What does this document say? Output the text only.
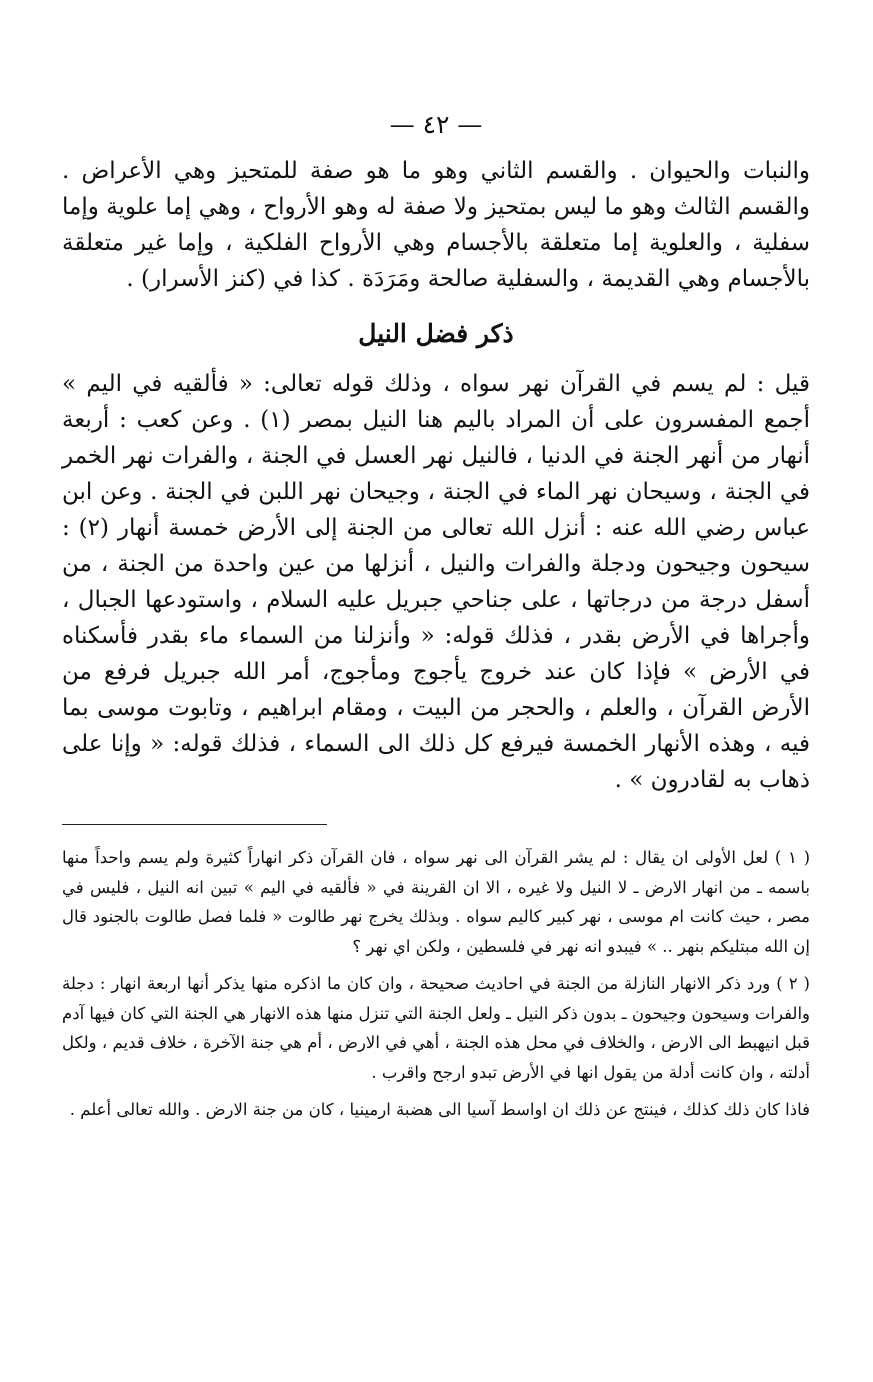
— ٤٢ —

والنبات والحيوان . والقسم الثاني وهو ما هو صفة للمتحيز وهي الأعراض . والقسم الثالث وهو ما ليس بمتحيز ولا صفة له وهو الأرواح ، وهي إما علوية وإما سفلية ، والعلوية إما متعلقة بالأجسام وهي الأرواح الفلكية ، وإما غير متعلقة بالأجسام وهي القديمة ، والسفلية صالحة ومَرَدَة . كذا في (كنز الأسرار) .

ذكر فضل النيل

قيل : لم يسم في القرآن نهر سواه ، وذلك قوله تعالى: « فألقيه في اليم » أجمع المفسرون على أن المراد باليم هنا النيل بمصر (١) . وعن كعب : أربعة أنهار من أنهر الجنة في الدنيا ، فالنيل نهر العسل في الجنة ، والفرات نهر الخمر في الجنة ، وسيحان نهر الماء في الجنة ، وجيحان نهر اللبن في الجنة . وعن ابن عباس رضي الله عنه : أنزل الله تعالى من الجنة إلى الأرض خمسة أنهار (٢) : سيحون وجيحون ودجلة والفرات والنيل ، أنزلها من عين واحدة من الجنة ، من أسفل درجة من درجاتها ، على جناحي جبريل عليه السلام ، واستودعها الجبال ، وأجراها في الأرض بقدر ، فذلك قوله: « وأنزلنا من السماء ماء بقدر فأسكناه في الأرض » فإذا كان عند خروج يأجوج ومأجوج، أمر الله جبريل فرفع من الأرض القرآن ، والعلم ، والحجر من البيت ، ومقام ابراهيم ، وتابوت موسى بما فيه ، وهذه الأنهار الخمسة فيرفع كل ذلك الى السماء ، فذلك قوله: « وإنا على ذهاب به لقادرون » .

( ١ ) لعل الأولى ان يقال : لم يشر القرآن الى نهر سواه ، فان القرآن ذكر انهاراً كثيرة ولم يسم واحداً منها باسمه ـ من انهار الارض ـ لا النيل ولا غيره ، الا ان القرينة في « فألقيه في اليم » تبين انه النيل ، فليس في مصر ، حيث كانت ام موسى ، نهر كبير كاليم سواه . وبذلك يخرج نهر طالوت « فلما فصل طالوت بالجنود قال إن الله مبتليكم بنهر .. » فيبدو انه نهر في فلسطين ، ولكن اي نهر ؟

( ٢ ) ورد ذكر الانهار النازلة من الجنة في احاديث صحيحة ، وان كان ما اذكره منها يذكر أنها اربعة انهار : دجلة والفرات وسيحون وجيحون ـ بدون ذكر النيل ـ ولعل الجنة التي تنزل منها هذه الانهار هي الجنة التي كان فيها آدم قبل انيهبط الى الارض ، والخلاف في محل هذه الجنة ، أهي في الارض ، أم هي جنة الآخرة ، خلاف قديم ، ولكل أدلته ، وان كانت أدلة من يقول انها في الأرض تبدو ارجح واقرب .

فاذا كان ذلك كذلك ، فينتج عن ذلك ان اواسط آسيا الى هضبة ارمينيا ، كان من جنة الارض . والله تعالى أعلم .
